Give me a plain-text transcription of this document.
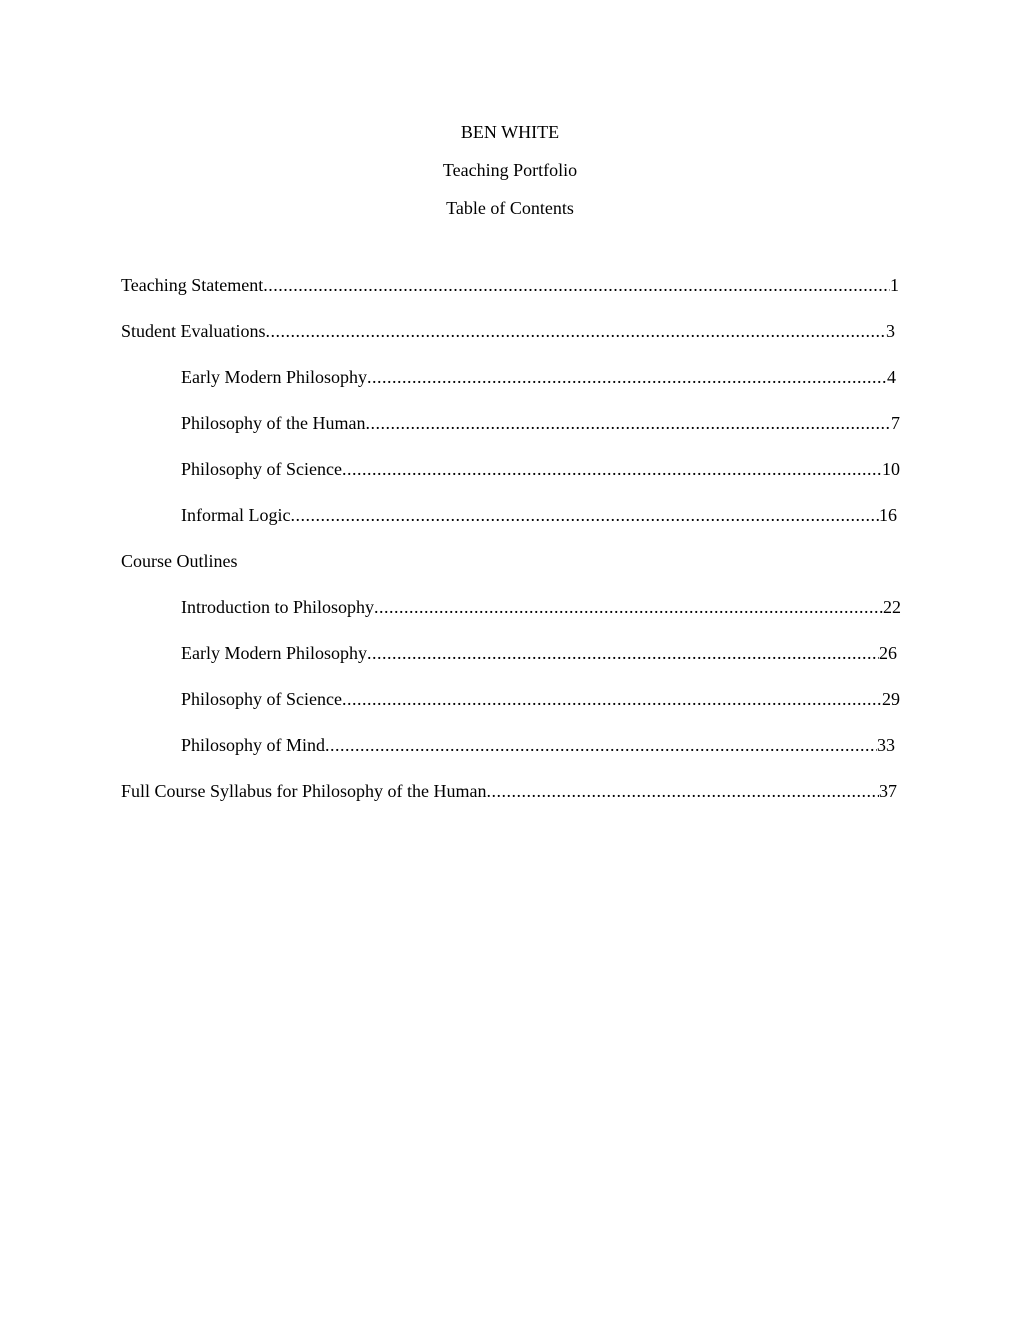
BEN WHITE
Teaching Portfolio
Table of Contents
Teaching Statement .....	1
Student Evaluations .....	3
Early Modern Philosophy .....	4
Philosophy of the Human .....	7
Philosophy of Science .....	10
Informal Logic .....	16
Course Outlines
Introduction to Philosophy .....	22
Early Modern Philosophy .....	26
Philosophy of Science .....	29
Philosophy of Mind .....	33
Full Course Syllabus for Philosophy of the Human .....	37
